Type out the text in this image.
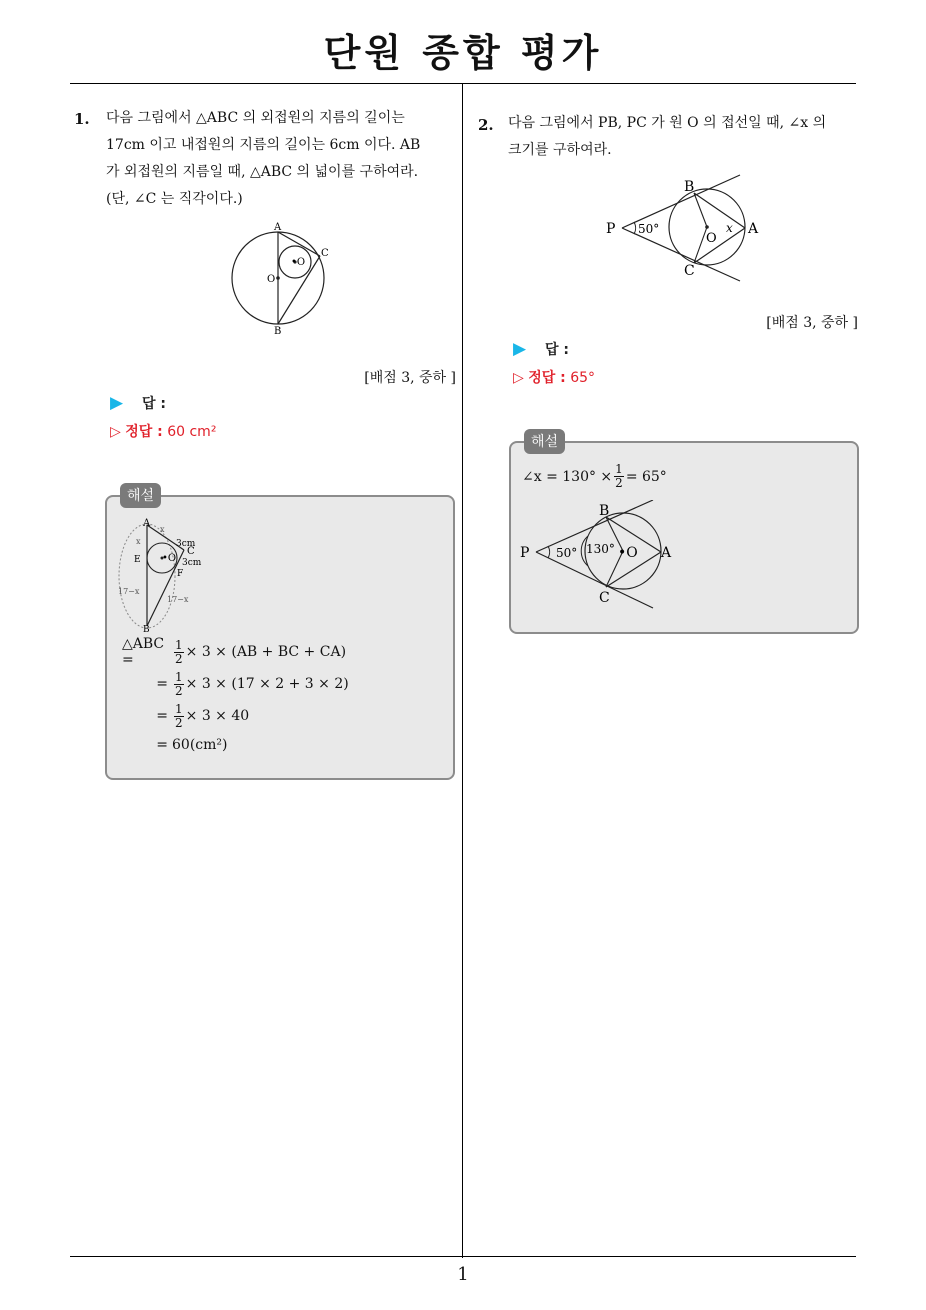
단원 종합 평가
1
1. 다음 그림에서 △ABC 의 외접원의 지름의 길이는
17cm 이고 내접원의 지름의 길이는 6cm 이다. AB
가 외접원의 지름일 때, △ABC 의 넓이를 구하여라.
(단, ∠C 는 직각이다.)
A
B
C
O
•O
[배점 3, 중하 ]
▶ 답 :
▷ 정답 : 60 cm²
해설
A
B
C
E
F
•O
3cm
3cm
17−x
17−x
x
x
△ABC =	$\frac{1}{2} \times 3 \times (AB$ + BC + CA)
= $\frac{1}{2} \times 3 \times (17 \times 2 + 3 \times 2)$
= $\frac{1}{2} \times 3 \times 40$
= 60(cm²)
2. 다음 그림에서 PB, PC 가 원 O 의 접선일 때, ∠x 의
크기를 구하여라.
P
B
C
A
O
50°	x
[배점 3, 중하 ]
▶ 답 :
▷ 정답 : 65°
해설
∠x = $130^\circ \times \frac{1}{2} = 65^\circ$
P
B
C
A
•O
50° 130°
